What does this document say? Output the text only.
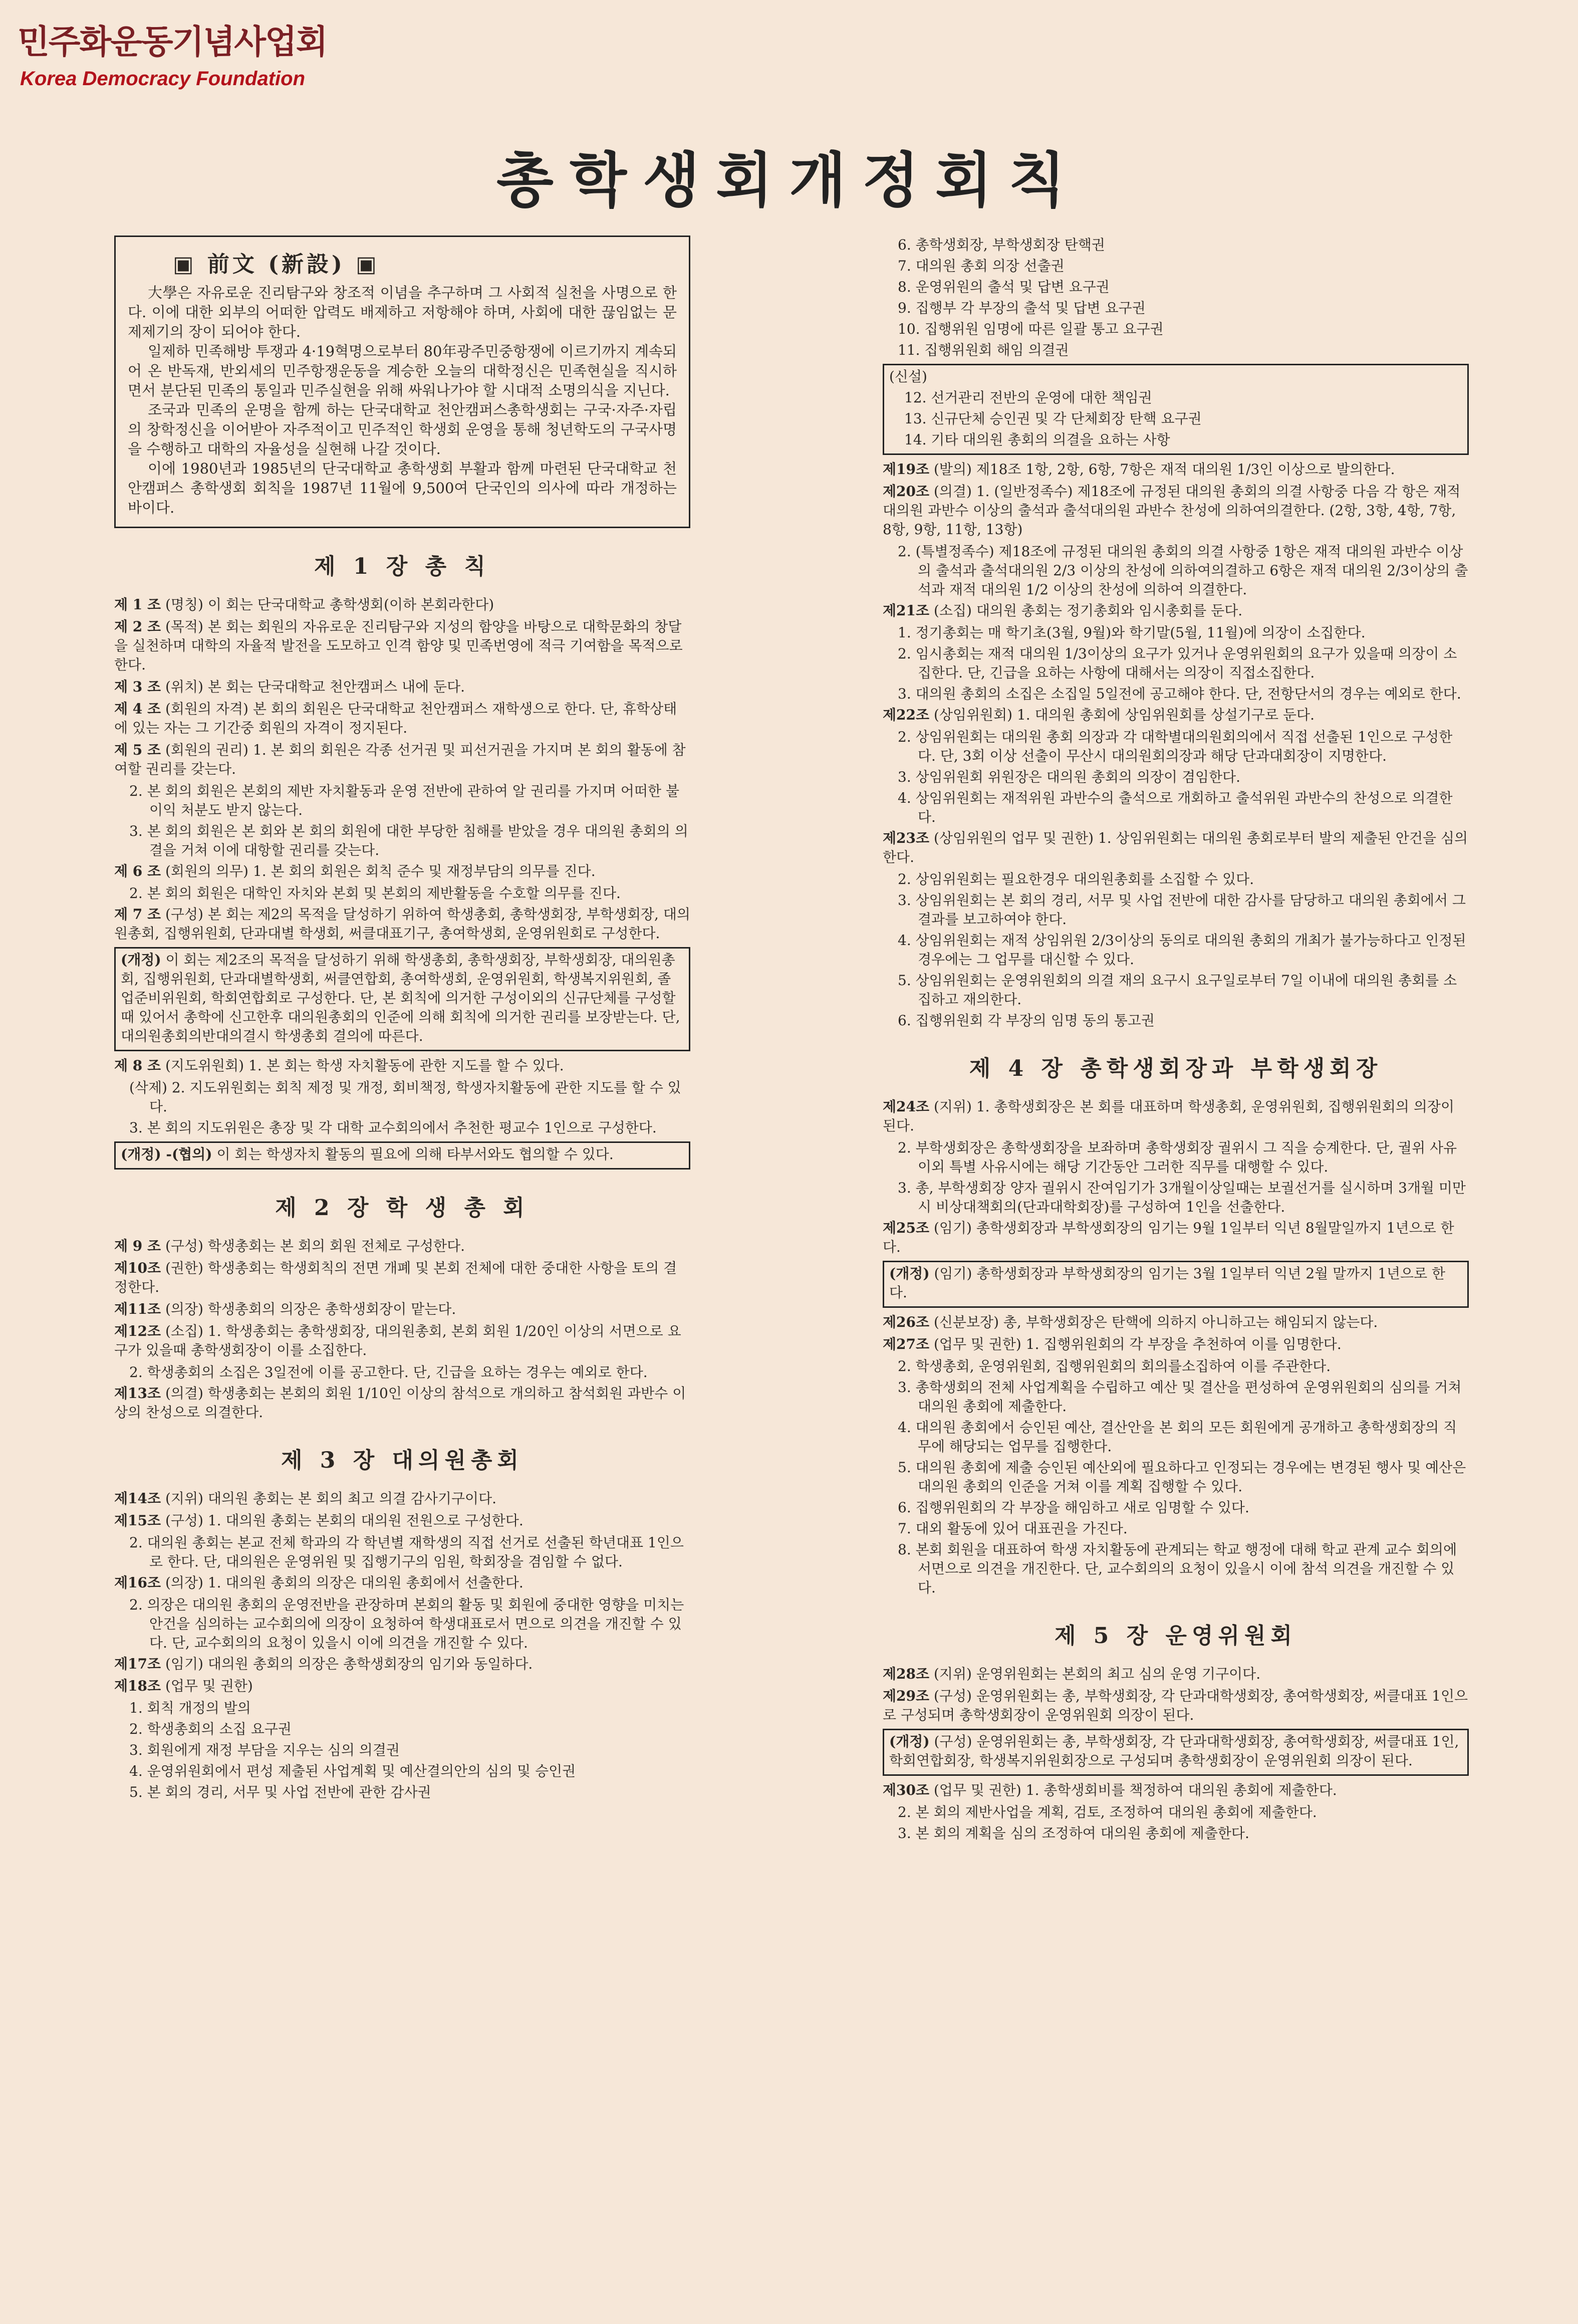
민주화운동기념사업회
Korea Democracy Foundation
총학생회개정회칙
▣ 前文 (新設) ▣

大學은 자유로운 진리탐구와 창조적 이념을 추구하며 그 사회적 실천을 사명으로 한다. 이에 대한 외부의 어떠한 압력도 배제하고 저항해야 하며, 사회에 대한 끊임없는 문제제기의 장이 되어야 한다.

일제하 민족해방 투쟁과 4·19혁명으로부터 80年광주민중항쟁에 이르기까지 계속되어 온 반독재, 반외세의 민주항쟁운동을 계승한 오늘의 대학정신은 민족현실을 직시하면서 분단된 민족의 통일과 민주실현을 위해 싸워나가야 할 시대적 소명의식을 지닌다.

조국과 민족의 운명을 함께 하는 단국대학교 천안캠퍼스총학생회는 구국·자주·자립의 창학정신을 이어받아 자주적이고 민주적인 학생회 운영을 통해 청년학도의 구국사명을 수행하고 대학의 자율성을 실현해 나갈 것이다.

이에 1980년과 1985년의 단국대학교 총학생회 부활과 함께 마련된 단국대학교 천안캠퍼스 총학생회 회칙을 1987년 11월에 9,500여 단국인의 의사에 따라 개정하는 바이다.

제 1 장 총 칙

제 1 조 (명칭) 이 회는 단국대학교 총학생회(이하 본회라한다)

제 2 조 (목적) 본 회는 회원의 자유로운 진리탐구와 지성의 함양을 바탕으로 대학문화의 창달을 실천하며 대학의 자율적 발전을 도모하고 인격 함양 및 민족번영에 적극 기여함을 목적으로 한다.

제 3 조 (위치) 본 회는 단국대학교 천안캠퍼스 내에 둔다.

제 4 조 (회원의 자격) 본 회의 회원은 단국대학교 천안캠퍼스 재학생으로 한다. 단, 휴학상태에 있는 자는 그 기간중 회원의 자격이 정지된다.

제 5 조 (회원의 권리) 1. 본 회의 회원은 각종 선거권 및 피선거권을 가지며 본 회의 활동에 참여할 권리를 갖는다.

2. 본 회의 회원은 본회의 제반 자치활동과 운영 전반에 관하여 알 권리를 가지며 어떠한 불이익 처분도 받지 않는다.

3. 본 회의 회원은 본 회와 본 회의 회원에 대한 부당한 침해를 받았을 경우 대의원 총회의 의결을 거쳐 이에 대항할 권리를 갖는다.

제 6 조 (회원의 의무) 1. 본 회의 회원은 회칙 준수 및 재정부담의 의무를 진다.

2. 본 회의 회원은 대학인 자치와 본회 및 본회의 제반활동을 수호할 의무를 진다.

제 7 조 (구성) 본 회는 제2의 목적을 달성하기 위하여 학생총회, 총학생회장, 부학생회장, 대의원총회, 집행위원회, 단과대별 학생회, 써클대표기구, 총여학생회, 운영위원회로 구성한다.

(개정) 이 회는 제2조의 목적을 달성하기 위해 학생총회, 총학생회장, 부학생회장, 대의원총회, 집행위원회, 단과대별학생회, 써클연합회, 총여학생회, 운영위원회, 학생복지위원회, 졸업준비위원회, 학회연합회로 구성한다. 단, 본 회칙에 의거한 구성이외의 신규단체를 구성할 때 있어서 총학에 신고한후 대의원총회의 인준에 의해 회칙에 의거한 권리를 보장받는다. 단, 대의원총회의반대의결시 학생총회 결의에 따른다.

제 8 조 (지도위원회) 1. 본 회는 학생 자치활동에 관한 지도를 할 수 있다.

(삭제) 2. 지도위원회는 회칙 제정 및 개정, 회비책정, 학생자치활동에 관한 지도를 할 수 있다.

3. 본 회의 지도위원은 총장 및 각 대학 교수회의에서 추천한 평교수 1인으로 구성한다.

(개정) -(협의) 이 회는 학생자치 활동의 필요에 의해 타부서와도 협의할 수 있다.

제 2 장 학 생 총 회

제 9 조 (구성) 학생총회는 본 회의 회원 전체로 구성한다.

제10조 (권한) 학생총회는 학생회칙의 전면 개폐 및 본회 전체에 대한 중대한 사항을 토의 결정한다.

제11조 (의장) 학생총회의 의장은 총학생회장이 맡는다.

제12조 (소집) 1. 학생총회는 총학생회장, 대의원총회, 본회 회원 1/20인 이상의 서면으로 요구가 있을때 총학생회장이 이를 소집한다.

2. 학생총회의 소집은 3일전에 이를 공고한다. 단, 긴급을 요하는 경우는 예외로 한다.

제13조 (의결) 학생총회는 본회의 회원 1/10인 이상의 참석으로 개의하고 참석회원 과반수 이상의 찬성으로 의결한다.

제 3 장 대의원총회

제14조 (지위) 대의원 총회는 본 회의 최고 의결 감사기구이다.

제15조 (구성) 1. 대의원 총회는 본회의 대의원 전원으로 구성한다.

2. 대의원 총회는 본교 전체 학과의 각 학년별 재학생의 직접 선거로 선출된 학년대표 1인으로 한다. 단, 대의원은 운영위원 및 집행기구의 임원, 학회장을 겸임할 수 없다.

제16조 (의장) 1. 대의원 총회의 의장은 대의원 총회에서 선출한다.

2. 의장은 대의원 총회의 운영전반을 관장하며 본회의 활동 및 회원에 중대한 영향을 미치는 안건을 심의하는 교수회의에 의장이 요청하여 학생대표로서 면으로 의견을 개진할 수 있다. 단, 교수회의의 요청이 있을시 이에 의견을 개진할 수 있다.

제17조 (임기) 대의원 총회의 의장은 총학생회장의 임기와 동일하다.

제18조 (업무 및 권한)

1. 회칙 개정의 발의

2. 학생총회의 소집 요구권

3. 회원에게 재정 부담을 지우는 심의 의결권

4. 운영위원회에서 편성 제출된 사업계획 및 예산결의안의 심의 및 승인권

5. 본 회의 경리, 서무 및 사업 전반에 관한 감사권

6. 총학생회장, 부학생회장 탄핵권

7. 대의원 총회 의장 선출권

8. 운영위원의 출석 및 답변 요구권

9. 집행부 각 부장의 출석 및 답변 요구권

10. 집행위원 임명에 따른 일괄 통고 요구권

11. 집행위원회 해임 의결권

(신설)

12. 선거관리 전반의 운영에 대한 책임권

13. 신규단체 승인권 및 각 단체회장 탄핵 요구권

14. 기타 대의원 총회의 의결을 요하는 사항

제19조 (발의) 제18조 1항, 2항, 6항, 7항은 재적 대의원 1/3인 이상으로 발의한다.

제20조 (의결) 1. (일반정족수) 제18조에 규정된 대의원 총회의 의결 사항중 다음 각 항은 재적 대의원 과반수 이상의 출석과 출석대의원 과반수 찬성에 의하여의결한다. (2항, 3항, 4항, 7항, 8항, 9항, 11항, 13항)

2. (특별정족수) 제18조에 규정된 대의원 총회의 의결 사항중 1항은 재적 대의원 과반수 이상의 출석과 출석대의원 2/3 이상의 찬성에 의하여의결하고 6항은 재적 대의원 2/3이상의 출석과 재적 대의원 1/2 이상의 찬성에 의하여 의결한다.

제21조 (소집) 대의원 총회는 정기총회와 임시총회를 둔다.

1. 정기총회는 매 학기초(3월, 9월)와 학기말(5월, 11월)에 의장이 소집한다.

2. 임시총회는 재적 대의원 1/3이상의 요구가 있거나 운영위원회의 요구가 있을때 의장이 소집한다. 단, 긴급을 요하는 사항에 대해서는 의장이 직접소집한다.

3. 대의원 총회의 소집은 소집일 5일전에 공고해야 한다. 단, 전항단서의 경우는 예외로 한다.

제22조 (상임위원회) 1. 대의원 총회에 상임위원회를 상설기구로 둔다.

2. 상임위원회는 대의원 총회 의장과 각 대학별대의원회의에서 직접 선출된 1인으로 구성한다. 단, 3회 이상 선출이 무산시 대의원회의장과 해당 단과대회장이 지명한다.

3. 상임위원회 위원장은 대의원 총회의 의장이 겸임한다.

4. 상임위원회는 재적위원 과반수의 출석으로 개회하고 출석위원 과반수의 찬성으로 의결한다.

제23조 (상임위원의 업무 및 권한) 1. 상임위원회는 대의원 총회로부터 발의 제출된 안건을 심의한다.

2. 상임위원회는 필요한경우 대의원총회를 소집할 수 있다.

3. 상임위원회는 본 회의 경리, 서무 및 사업 전반에 대한 감사를 담당하고 대의원 총회에서 그 결과를 보고하여야 한다.

4. 상임위원회는 재적 상임위원 2/3이상의 동의로 대의원 총회의 개최가 불가능하다고 인정된 경우에는 그 업무를 대신할 수 있다.

5. 상임위원회는 운영위원회의 의결 재의 요구시 요구일로부터 7일 이내에 대의원 총회를 소집하고 재의한다.

6. 집행위원회 각 부장의 임명 동의 통고권

제 4 장 총학생회장과 부학생회장

제24조 (지위) 1. 총학생회장은 본 회를 대표하며 학생총회, 운영위원회, 집행위원회의 의장이 된다.

2. 부학생회장은 총학생회장을 보좌하며 총학생회장 궐위시 그 직을 승계한다. 단, 궐위 사유이외 특별 사유시에는 해당 기간동안 그러한 직무를 대행할 수 있다.

3. 총, 부학생회장 양자 궐위시 잔여임기가 3개월이상일때는 보궐선거를 실시하며 3개월 미만시 비상대책회의(단과대학회장)를 구성하여 1인을 선출한다.

제25조 (임기) 총학생회장과 부학생회장의 임기는 9월 1일부터 익년 8월말일까지 1년으로 한다.

(개정) (임기) 총학생회장과 부학생회장의 임기는 3월 1일부터 익년 2월 말까지 1년으로 한다.

제26조 (신분보장) 총, 부학생회장은 탄핵에 의하지 아니하고는 해임되지 않는다.

제27조 (업무 및 권한) 1. 집행위원회의 각 부장을 추천하여 이를 임명한다.

2. 학생총회, 운영위원회, 집행위원회의 회의를소집하여 이를 주관한다.

3. 총학생회의 전체 사업계획을 수립하고 예산 및 결산을 편성하여 운영위원회의 심의를 거쳐 대의원 총회에 제출한다.

4. 대의원 총회에서 승인된 예산, 결산안을 본 회의 모든 회원에게 공개하고 총학생회장의 직무에 해당되는 업무를 집행한다.

5. 대의원 총회에 제출 승인된 예산외에 필요하다고 인정되는 경우에는 변경된 행사 및 예산은 대의원 총회의 인준을 거쳐 이를 계획 집행할 수 있다.

6. 집행위원회의 각 부장을 해임하고 새로 임명할 수 있다.

7. 대외 활동에 있어 대표권을 가진다.

8. 본회 회원을 대표하여 학생 자치활동에 관계되는 학교 행정에 대해 학교 관계 교수 회의에 서면으로 의견을 개진한다. 단, 교수회의의 요청이 있을시 이에 참석 의견을 개진할 수 있다.

제 5 장 운영위원회

제28조 (지위) 운영위원회는 본회의 최고 심의 운영 기구이다.

제29조 (구성) 운영위원회는 총, 부학생회장, 각 단과대학생회장, 총여학생회장, 써클대표 1인으로 구성되며 총학생회장이 운영위원회 의장이 된다.

(개정) (구성) 운영위원회는 총, 부학생회장, 각 단과대학생회장, 총여학생회장, 써클대표 1인, 학회연합회장, 학생복지위원회장으로 구성되며 총학생회장이 운영위원회 의장이 된다.

제30조 (업무 및 권한) 1. 총학생회비를 책정하여 대의원 총회에 제출한다.

2. 본 회의 제반사업을 계획, 검토, 조정하여 대의원 총회에 제출한다.

3. 본 회의 계획을 심의 조정하여 대의원 총회에 제출한다.
